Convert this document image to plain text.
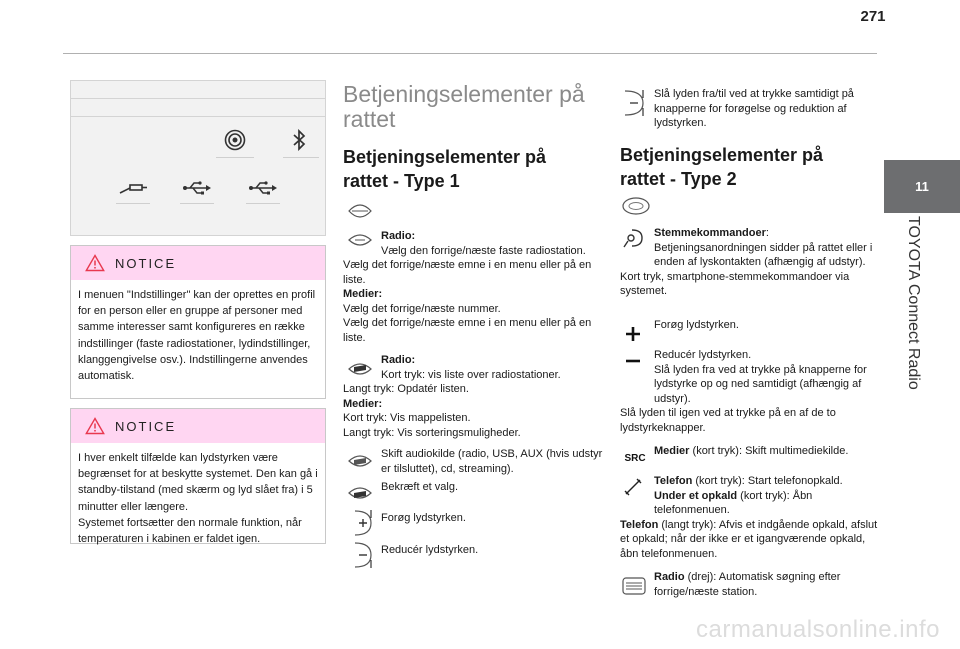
271
11
TOYOTA Connect Radio
NOTICE
I menuen "Indstillinger" kan der oprettes en profil for en person eller en gruppe af personer med samme interesser samt konfigureres en række indstillinger (faste radiostationer, lydindstillinger, klanggengivelse osv.). Indstillingerne anvendes automatisk.
NOTICE
I hver enkelt tilfælde kan lydstyrken være begrænset for at beskytte systemet. Den kan gå i standby-tilstand (med skærm og lyd slået fra) i 5 minutter eller længere.
Systemet fortsætter den normale funktion, når temperaturen i kabinen er faldet igen.
Betjeningselementer på rattet
Betjeningselementer på rattet - Type 1
Radio:
Vælg den forrige/næste faste radiostation.
Vælg det forrige/næste emne i en menu eller på en liste.
Medier:
Vælg det forrige/næste nummer.
Vælg det forrige/næste emne i en menu eller på en liste.
Radio:
Kort tryk: vis liste over radiostationer.
Langt tryk: Opdatér listen.
Medier:
Kort tryk: Vis mappelisten.
Langt tryk: Vis sorteringsmuligheder.
Skift audiokilde (radio, USB, AUX (hvis udstyr er tilsluttet), cd, streaming).
Bekræft et valg.
Forøg lydstyrken.
Reducér lydstyrken.
Slå lyden fra/til ved at trykke samtidigt på knapperne for forøgelse og reduktion af lydstyrken.
Betjeningselementer på rattet - Type 2
Stemmekommandoer: Betjeningsanordningen sidder på rattet eller i enden af lyskontakten (afhængig af udstyr).
Kort tryk, smartphone-stemmekommandoer via systemet.
Forøg lydstyrken.
Reducér lydstyrken.
Slå lyden fra ved at trykke på knapperne for lydstyrke op og ned samtidigt (afhængig af udstyr).
Slå lyden til igen ved at trykke på en af de to lydstyrkeknapper.
SRC
Medier (kort tryk): Skift multimediekilde.
Telefon (kort tryk): Start telefonopkald.
Under et opkald (kort tryk): Åbn telefonmenuen.
Telefon (langt tryk): Afvis et indgående opkald, afslut et opkald; når der ikke er et igangværende opkald, åbn telefonmenuen.
Radio (drej): Automatisk søgning efter forrige/næste station.
carmanualsonline.info
